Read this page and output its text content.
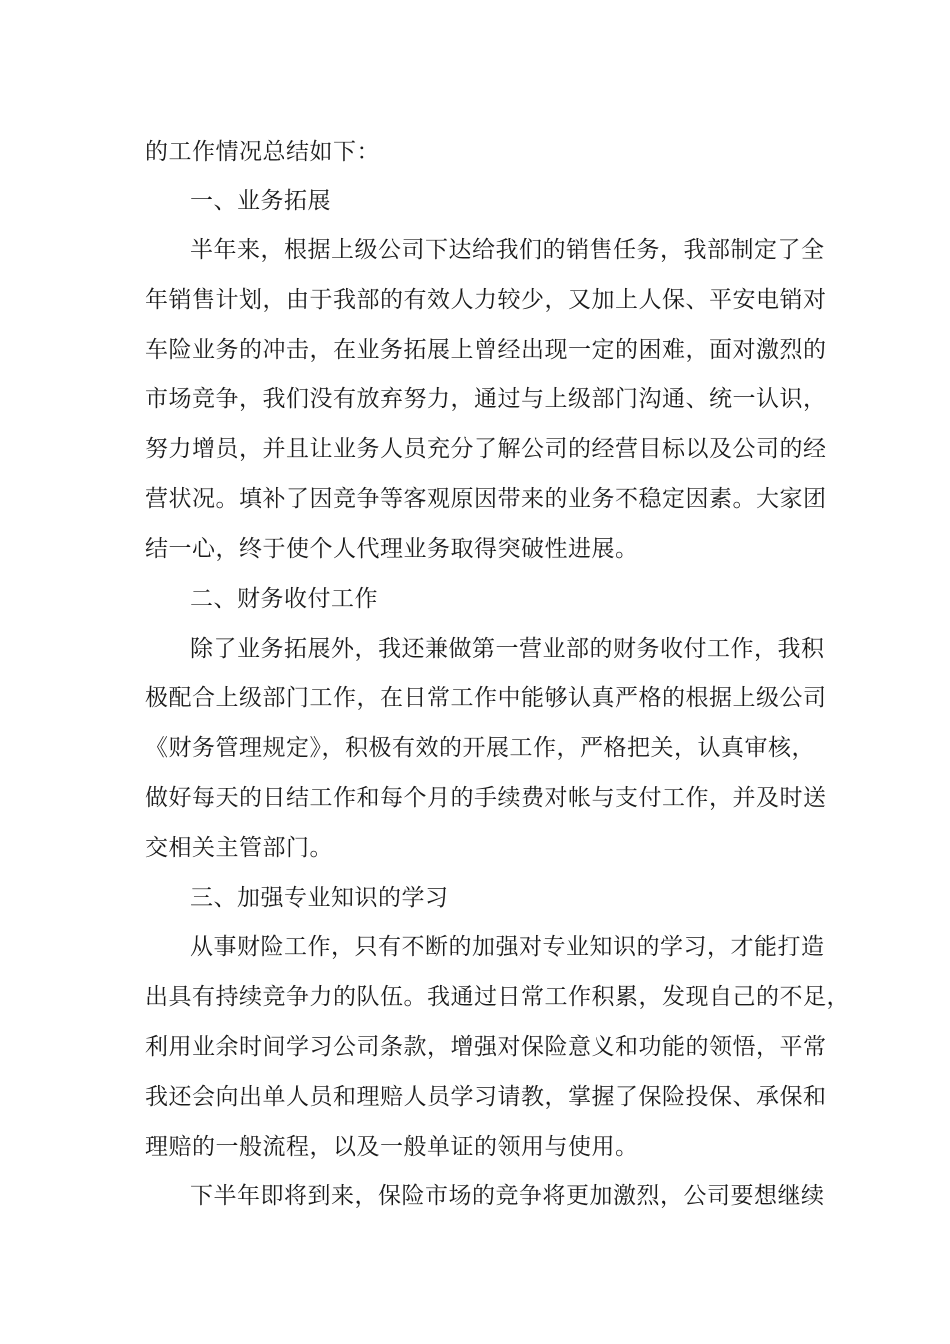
的工作情况总结如下：
一、业务拓展
半年来，根据上级公司下达给我们的销售任务，我部制定了全
年销售计划，由于我部的有效人力较少，又加上人保、平安电销对
车险业务的冲击，在业务拓展上曾经出现一定的困难，面对激烈的
市场竞争，我们没有放弃努力，通过与上级部门沟通、统一认识，
努力增员，并且让业务人员充分了解公司的经营目标以及公司的经
营状况。填补了因竞争等客观原因带来的业务不稳定因素。大家团
结一心，终于使个人代理业务取得突破性进展。
二、财务收付工作
除了业务拓展外，我还兼做第一营业部的财务收付工作，我积
极配合上级部门工作，在日常工作中能够认真严格的根据上级公司
《财务管理规定》，积极有效的开展工作，严格把关，认真审核，
做好每天的日结工作和每个月的手续费对帐与支付工作，并及时送
交相关主管部门。
三、加强专业知识的学习
从事财险工作，只有不断的加强对专业知识的学习，才能打造
出具有持续竞争力的队伍。我通过日常工作积累，发现自己的不足，
利用业余时间学习公司条款，增强对保险意义和功能的领悟，平常
我还会向出单人员和理赔人员学习请教，掌握了保险投保、承保和
理赔的一般流程，以及一般单证的领用与使用。
下半年即将到来，保险市场的竞争将更加激烈，公司要想继续
